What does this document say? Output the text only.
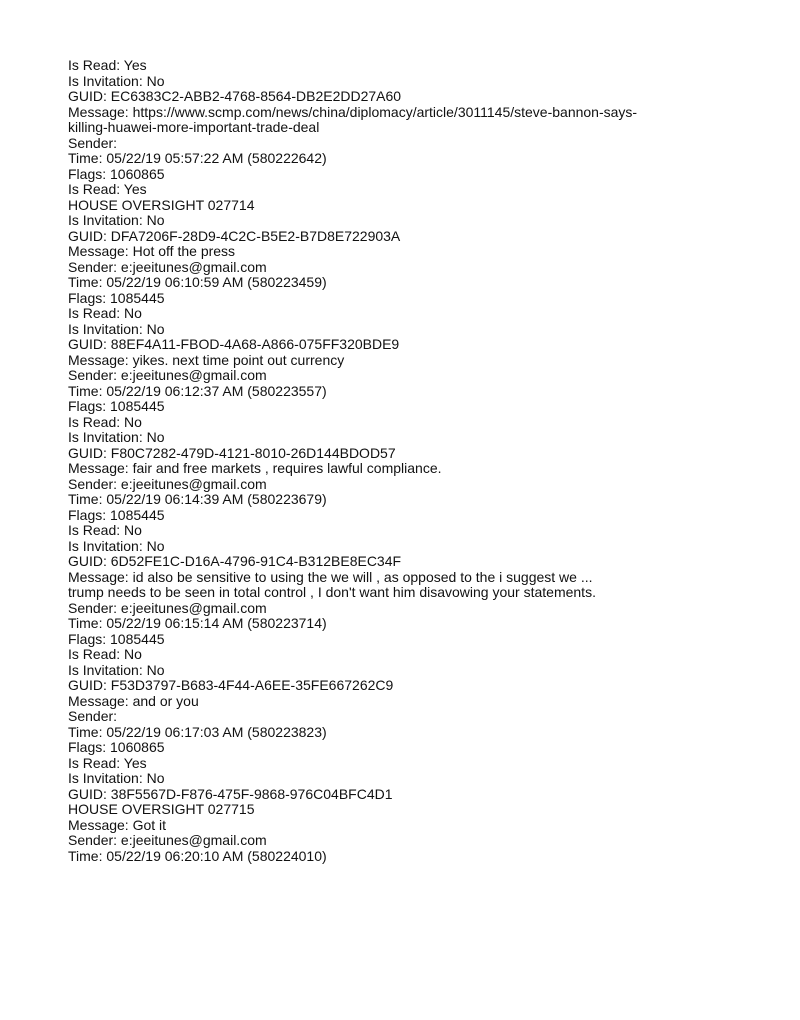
Is Read: Yes
Is Invitation: No
GUID: EC6383C2-ABB2-4768-8564-DB2E2DD27A60
Message: https://www.scmp.com/news/china/diplomacy/article/3011145/steve-bannon-says-
killing-huawei-more-important-trade-deal
Sender:
Time: 05/22/19 05:57:22 AM (580222642)
Flags: 1060865
Is Read: Yes
HOUSE OVERSIGHT 027714
Is Invitation: No
GUID: DFA7206F-28D9-4C2C-B5E2-B7D8E722903A
Message: Hot off the press
Sender: e:jeeitunes@gmail.com
Time: 05/22/19 06:10:59 AM (580223459)
Flags: 1085445
Is Read: No
Is Invitation: No
GUID: 88EF4A11-FBOD-4A68-A866-075FF320BDE9
Message: yikes. next time point out currency
Sender: e:jeeitunes@gmail.com
Time: 05/22/19 06:12:37 AM (580223557)
Flags: 1085445
Is Read: No
Is Invitation: No
GUID: F80C7282-479D-4121-8010-26D144BDOD57
Message: fair and free markets , requires lawful compliance.
Sender: e:jeeitunes@gmail.com
Time: 05/22/19 06:14:39 AM (580223679)
Flags: 1085445
Is Read: No
Is Invitation: No
GUID: 6D52FE1C-D16A-4796-91C4-B312BE8EC34F
Message: id also be sensitive to using the we will , as opposed to the i suggest we ...
trump needs to be seen in total control , I don't want him disavowing your statements.
Sender: e:jeeitunes@gmail.com
Time: 05/22/19 06:15:14 AM (580223714)
Flags: 1085445
Is Read: No
Is Invitation: No
GUID: F53D3797-B683-4F44-A6EE-35FE667262C9
Message: and or you
Sender:
Time: 05/22/19 06:17:03 AM (580223823)
Flags: 1060865
Is Read: Yes
Is Invitation: No
GUID: 38F5567D-F876-475F-9868-976C04BFC4D1
HOUSE OVERSIGHT 027715
Message: Got it
Sender: e:jeeitunes@gmail.com
Time: 05/22/19 06:20:10 AM (580224010)
